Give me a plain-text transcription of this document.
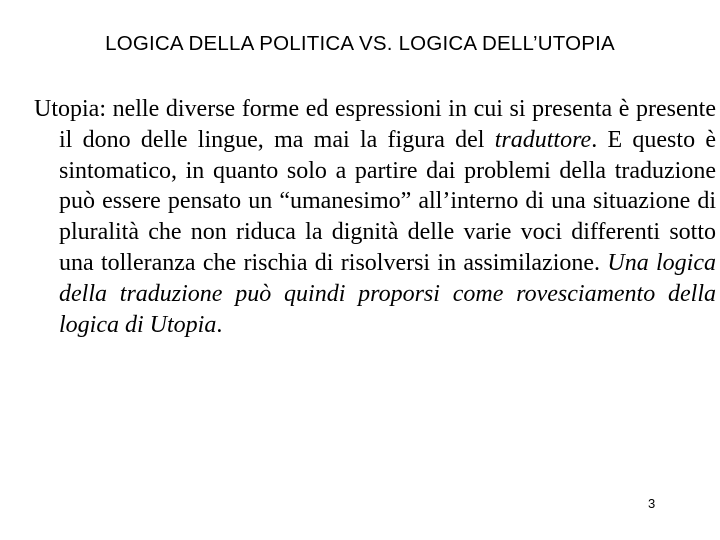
LOGICA DELLA POLITICA VS. LOGICA DELL’UTOPIA

Utopia: nelle diverse forme ed espressioni in cui si presenta è presente il dono delle lingue, ma mai la figura del traduttore. E questo è sintomatico, in quanto solo a partire dai problemi della traduzione può essere pensato un “umanesimo” all’interno di una situazione di pluralità che non riduca la dignità delle varie voci differenti sotto una tolleranza che rischia di risolversi in assimilazione. Una logica della traduzione può quindi proporsi come rovesciamento della logica di Utopia.

3
